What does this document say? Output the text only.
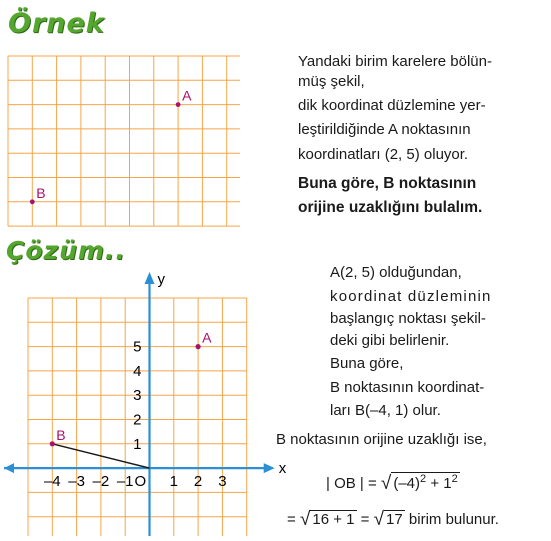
Örnek
A
B
Yandaki birim karelere bölün-
müş şekil,
dik koordinat düzlemine yer-
leştirildiğinde A noktasının
koordinatları (2, 5) oluyor.
Buna göre, B noktasının
orijine uzaklığını bulalım.
Çözüm..
x
y
O
–4 –3 –2 –1 1 2 3
1
2
3
4
5
A
B
A(2, 5) olduğundan,
koordinat düzleminin
başlangıç noktası şekil-
deki gibi belirlenir.
Buna göre,
B noktasının koordinat-
ları B(–4, 1) olur.
B noktasının orijine uzaklığı ise,
| OB | = √ $(-4)^2 + 1^2$
= √ 16 + 1 = √ 17 birim bulunur.
